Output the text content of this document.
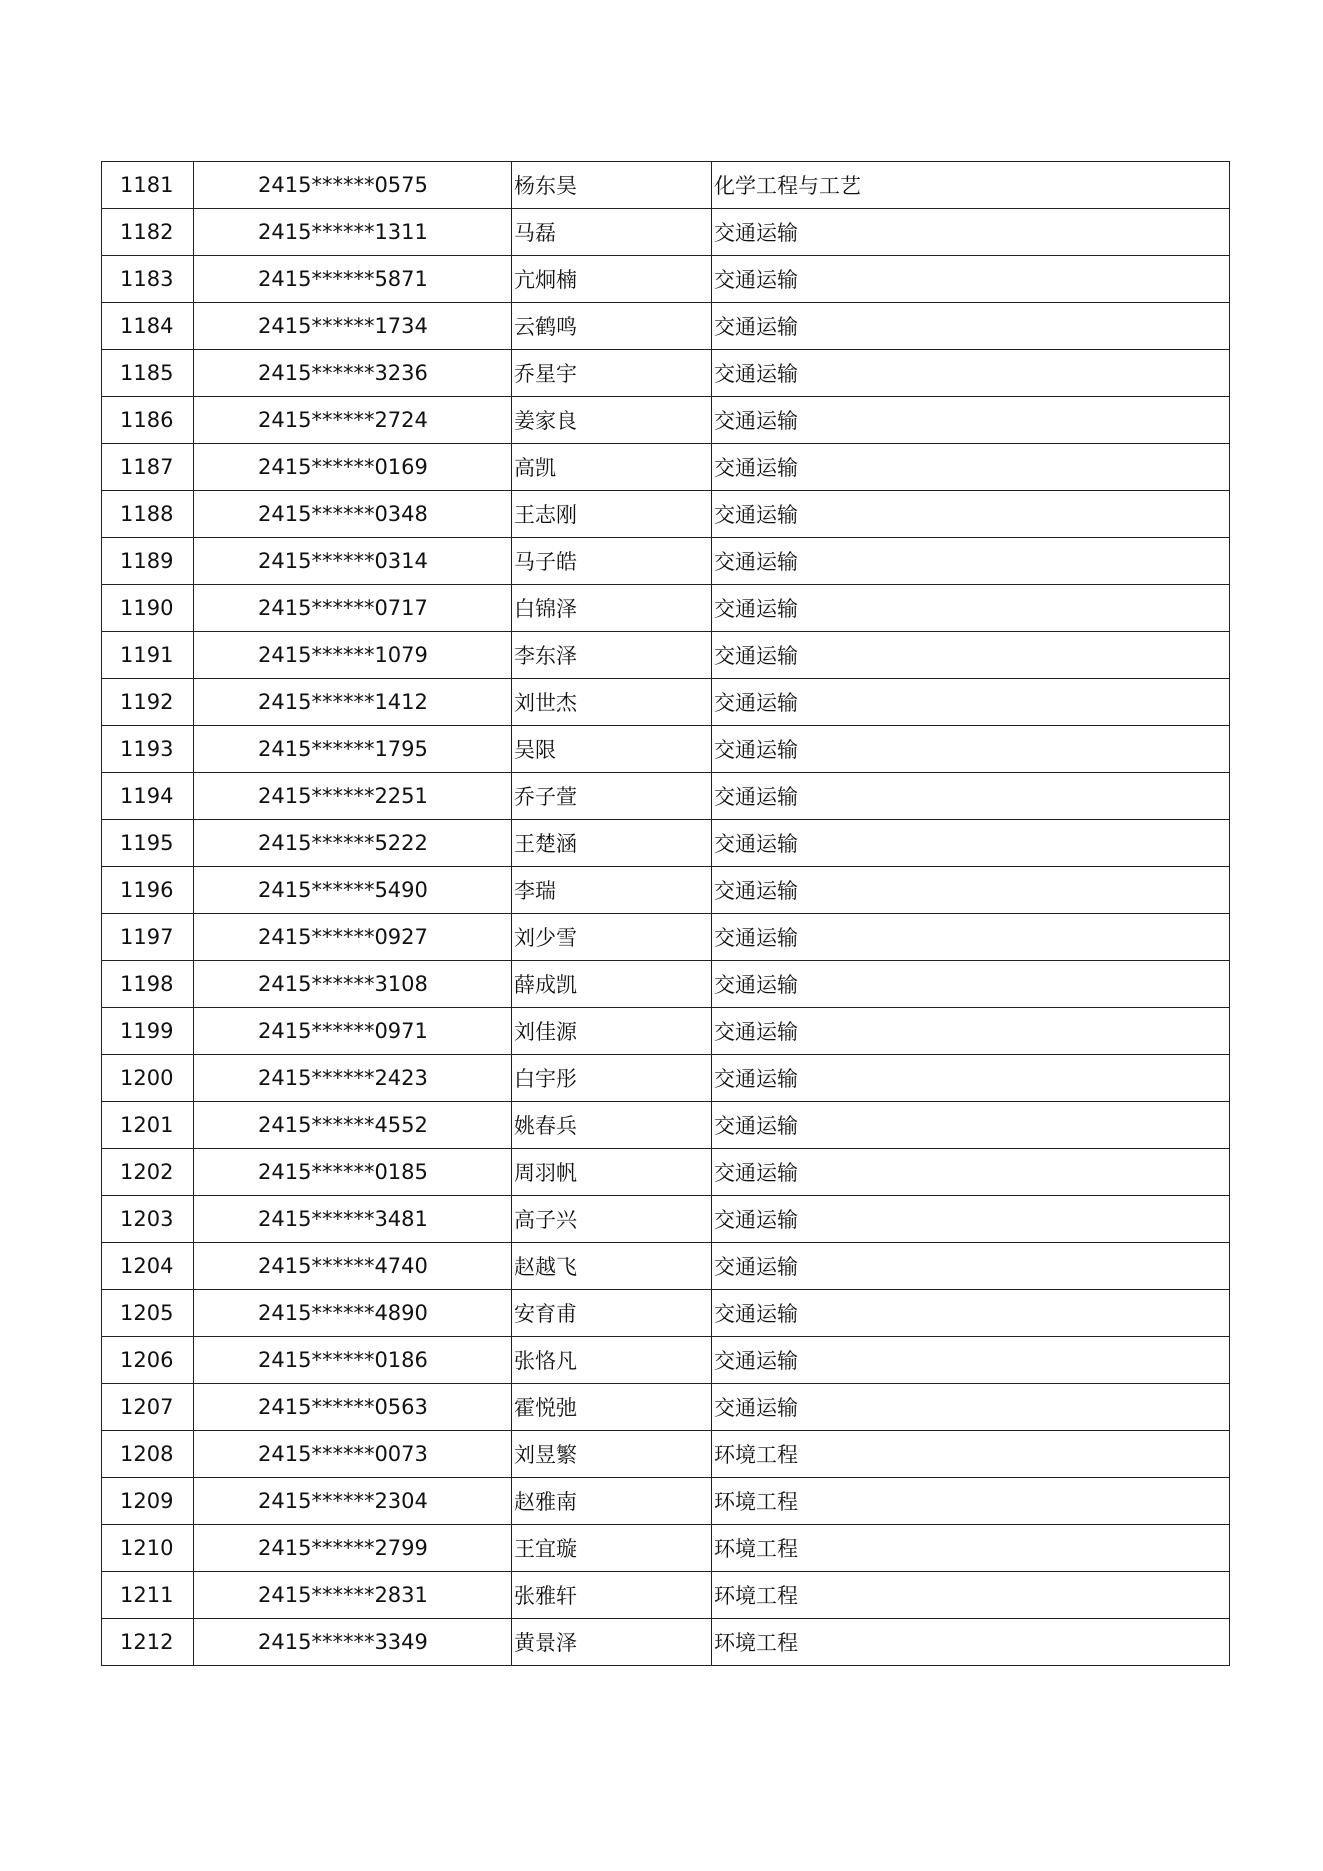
1181	2415******0575	杨东昊	化学工程与工艺
1182	2415******1311	马磊	交通运输
1183	2415******5871	亢炯楠	交通运输
1184	2415******1734	云鹤鸣	交通运输
1185	2415******3236	乔星宇	交通运输
1186	2415******2724	姜家良	交通运输
1187	2415******0169	高凯	交通运输
1188	2415******0348	王志刚	交通运输
1189	2415******0314	马子皓	交通运输
1190	2415******0717	白锦泽	交通运输
1191	2415******1079	李东泽	交通运输
1192	2415******1412	刘世杰	交通运输
1193	2415******1795	吴限	交通运输
1194	2415******2251	乔子萱	交通运输
1195	2415******5222	王楚涵	交通运输
1196	2415******5490	李瑞	交通运输
1197	2415******0927	刘少雪	交通运输
1198	2415******3108	薛成凯	交通运输
1199	2415******0971	刘佳源	交通运输
1200	2415******2423	白宇彤	交通运输
1201	2415******4552	姚春兵	交通运输
1202	2415******0185	周羽帆	交通运输
1203	2415******3481	高子兴	交通运输
1204	2415******4740	赵越飞	交通运输
1205	2415******4890	安育甫	交通运输
1206	2415******0186	张恪凡	交通运输
1207	2415******0563	霍悦弛	交通运输
1208	2415******0073	刘昱繁	环境工程
1209	2415******2304	赵雅南	环境工程
1210	2415******2799	王宜璇	环境工程
1211	2415******2831	张雅轩	环境工程
1212	2415******3349	黄景泽	环境工程
